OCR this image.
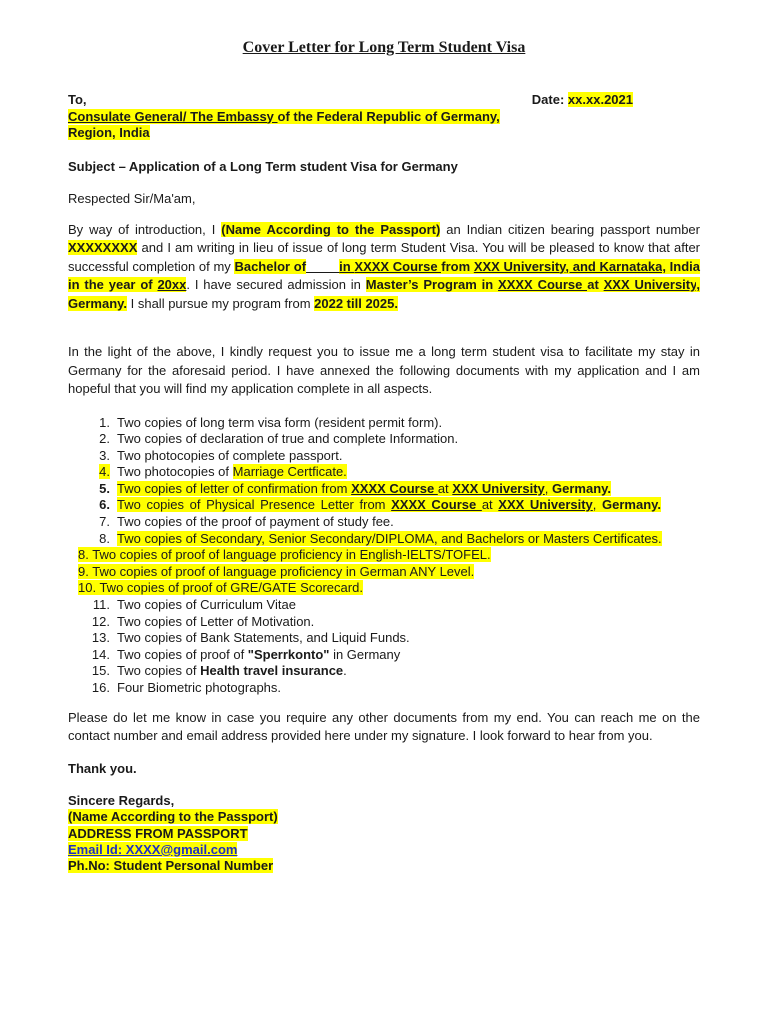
Cover Letter for Long Term Student Visa
To,	Date: xx.xx.2021
Consulate General/ The Embassy of the Federal Republic of Germany,
Region, India
Subject – Application of a Long Term student Visa for Germany
Respected Sir/Ma'am,
By way of introduction, I (Name According to the Passport) an Indian citizen bearing passport number XXXXXXXX and I am writing in lieu of issue of long term Student Visa. You will be pleased to know that after successful completion of my Bachelor of	in XXXX Course from XXX University, and Karnataka, India in the year of 20xx. I have secured admission in Master’s Program in XXXX Course at XXX University, Germany. I shall pursue my program from 2022 till 2025.
In the light of the above, I kindly request you to issue me a long term student visa to facilitate my stay in Germany for the aforesaid period. I have annexed the following documents with my application and I am hopeful that you will find my application complete in all aspects.
1. Two copies of long term visa form (resident permit form).
2. Two copies of declaration of true and complete Information.
3. Two photocopies of complete passport.
4. Two photocopies of Marriage Certficate.
5. Two copies of letter of confirmation from XXXX Course at XXX University, Germany.
6. Two copies of Physical Presence Letter from XXXX Course at XXX University, Germany.
7. Two copies of the proof of payment of study fee.
8. Two copies of Secondary, Senior Secondary/DIPLOMA, and Bachelors or Masters Certificates.
8. Two copies of proof of language proficiency in English-IELTS/TOFEL.
9. Two copies of proof of language proficiency in German ANY Level.
10. Two copies of proof of GRE/GATE Scorecard.
11. Two copies of Curriculum Vitae
12. Two copies of Letter of Motivation.
13. Two copies of Bank Statements, and Liquid Funds.
14. Two copies of proof of "Sperrkonto" in Germany
15. Two copies of Health travel insurance.
16. Four Biometric photographs.
Please do let me know in case you require any other documents from my end. You can reach me on the contact number and email address provided here under my signature. I look forward to hear from you.
Thank you.
Sincere Regards,
(Name According to the Passport)
ADDRESS FROM PASSPORT
Email Id: XXXX@gmail.com
Ph.No: Student Personal Number
